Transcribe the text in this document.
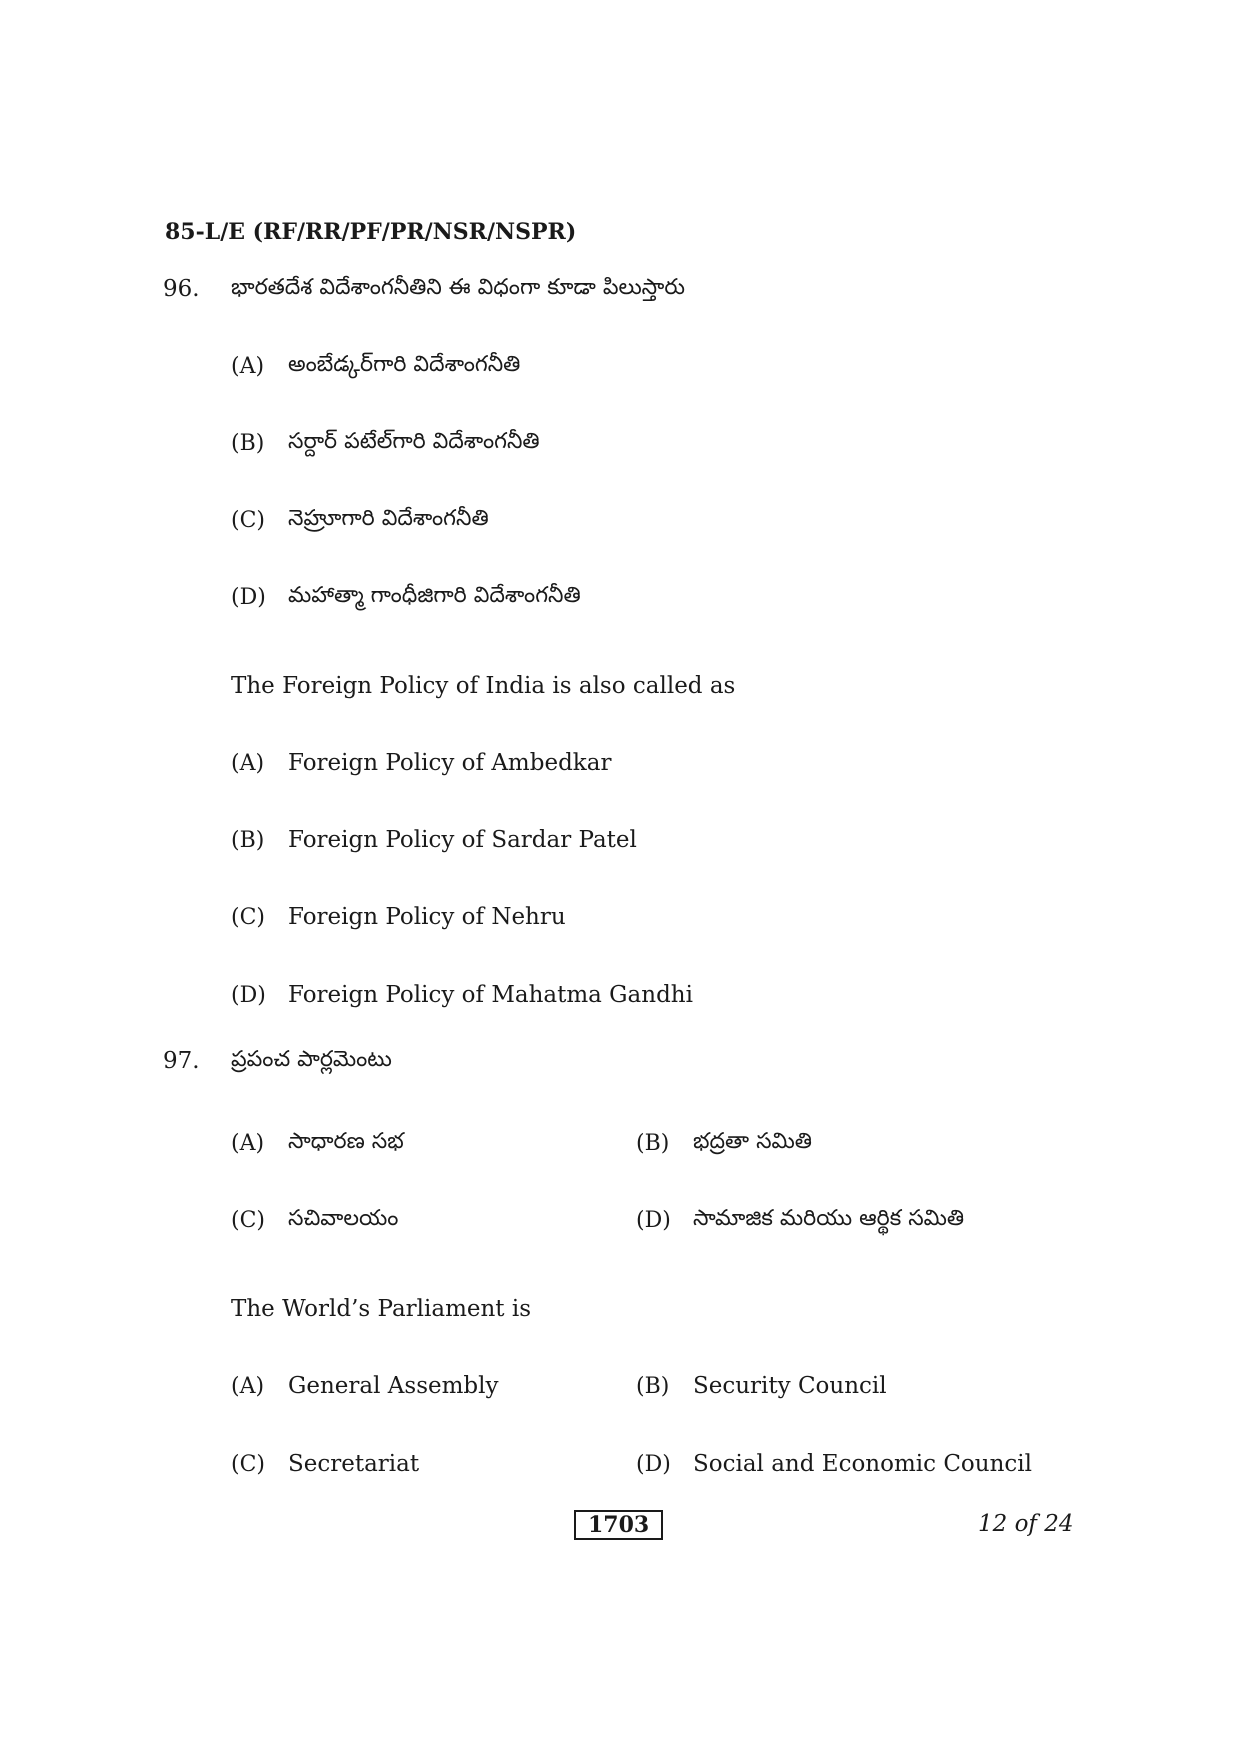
85-L/E (RF/RR/PF/PR/NSR/NSPR)
96. భారతదేశ విదేశాంగనీతిని ఈ విధంగా కూడా పిలుస్తారు
(A) అంబేడ్కర్‌గారి విదేశాంగనీతి
(B) సర్దార్ పటేల్‌గారి విదేశాంగనీతి
(C) నెహ్రూగారి విదేశాంగనీతి
(D) మహాత్మా గాంధీజిగారి విదేశాంగనీతి
The Foreign Policy of India is also called as
(A) Foreign Policy of Ambedkar
(B) Foreign Policy of Sardar Patel
(C) Foreign Policy of Nehru
(D) Foreign Policy of Mahatma Gandhi
97. ప్రపంచ పార్లమెంటు
(A) సాధారణ సభ	(B) భద్రతా సమితి
(C) సచివాలయం	(D) సామాజిక మరియు ఆర్థిక సమితి
The World’s Parliament is
(A) General Assembly	(B) Security Council
(C) Secretariat	(D) Social and Economic Council
1703	12 of 24
